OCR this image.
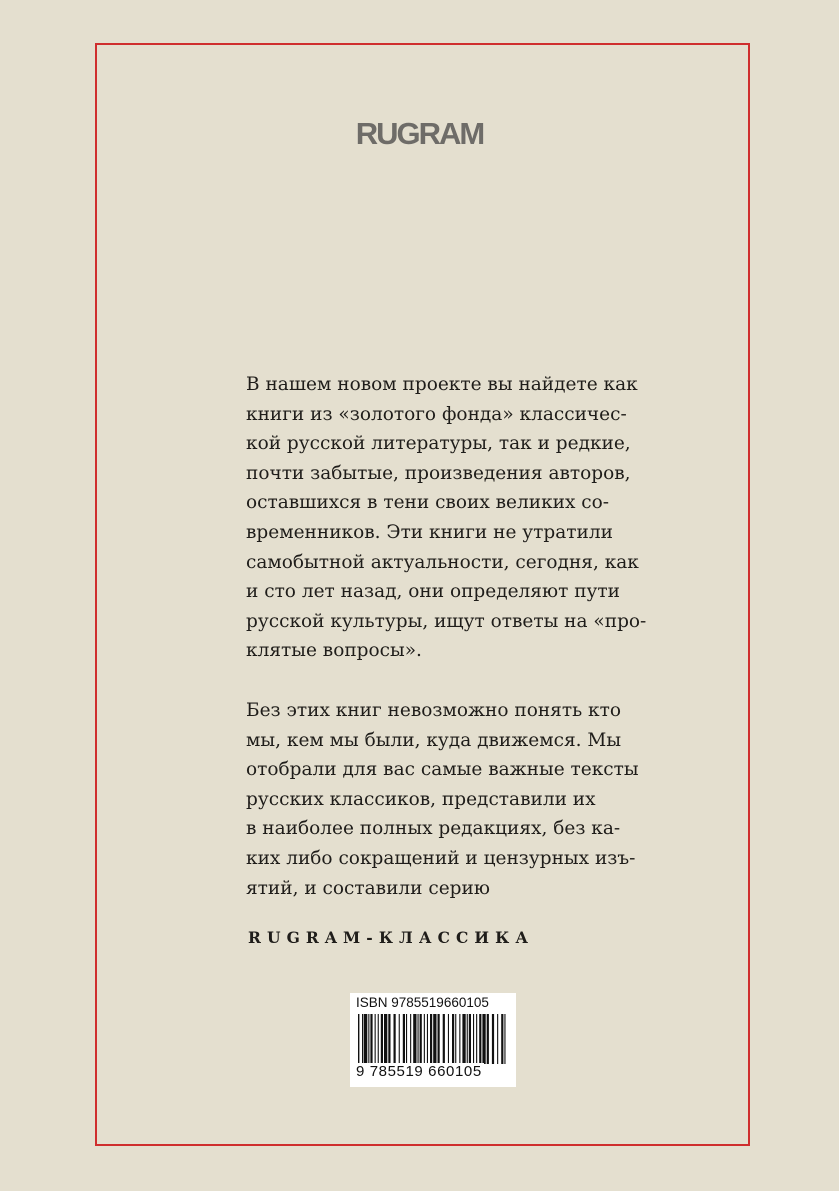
RUGRAM
В нашем новом проекте вы найдете как
книги из «золотого фонда» классичес-
кой русской литературы, так и редкие,
почти забытые, произведения авторов,
оставшихся в тени своих великих со-
временников. Эти книги не утратили
самобытной актуальности, сегодня, как
и сто лет назад, они определяют пути
русской культуры, ищут ответы на «про-
клятые вопросы».
Без этих книг невозможно понять кто
мы, кем мы были, куда движемся. Мы
отобрали для вас самые важные тексты
русских классиков, представили их
в наиболее полных редакциях, без ка-
ких либо сокращений и цензурных изъ-
ятий, и составили серию
RUGRAM-КЛАССИКА
ISBN 9785519660105
9 785519 660105
